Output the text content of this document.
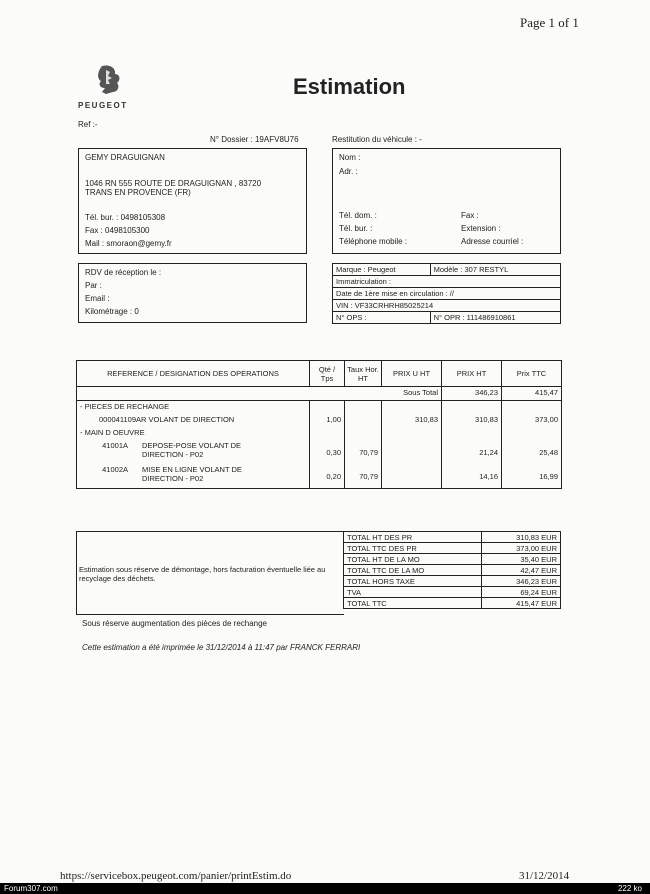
Page 1 of 1
PEUGEOT
Estimation
Ref :-
N° Dossier : 19AFV8U76	Restitution du véhicule : -
GEMY DRAGUIGNAN
1046 RN 555 ROUTE DE DRAGUIGNAN , 83720
TRANS EN PROVENCE (FR)
Tél. bur. : 0498105308
Fax : 0498105300
Mail : smoraon@gemy.fr
Nom :
Adr. :
Tél. dom. :	Fax :
Tél. bur. :	Extension :
Téléphone mobile :	Adresse courriel :
RDV de réception le :
Par :
Email :
Kilométrage : 0
Marque : Peugeot	Modèle : 307 RESTYL
Immatriculation :	
Date de 1ère mise en circulation : //	
VIN : VF33CRHRH85025214	
N° OPS :	N° OPR : 111486910861
REFERENCE / DESIGNATION DES OPERATIONS	Qté / Tps	Taux Hor. HT	PRIX U HT	PRIX HT	Prix TTC
Sous Total				346,23	415,47
- PIECES DE RECHANGE					
000041109AR VOLANT DE DIRECTION	1,00		310,83	310,83	373,00
- MAIN D OEUVRE					

41001A DEPOSE-POSE VOLANT DE
DIRECTION - P02	0,30	70,79		21,24	25,48

41002A MISE EN LIGNE VOLANT DE
DIRECTION - P02	0,20	70,79		14,16	16,99
Estimation sous réserve de démontage, hors facturation éventuelle liée au recyclage des déchets.
TOTAL HT DES PR	310,83 EUR
TOTAL TTC DES PR	373,00 EUR
TOTAL HT DE LA MO	35,40 EUR
TOTAL TTC DE LA MO	42,47 EUR
TOTAL HORS TAXE	346,23 EUR
TVA	69,24 EUR
TOTAL TTC	415,47 EUR
Sous réserve augmentation des pièces de rechange
Cette estimation a été imprimée le 31/12/2014 à 11:47 par FRANCK FERRARI
https://servicebox.peugeot.com/panier/printEstim.do	31/12/2014
Forum307.com	222 ko
